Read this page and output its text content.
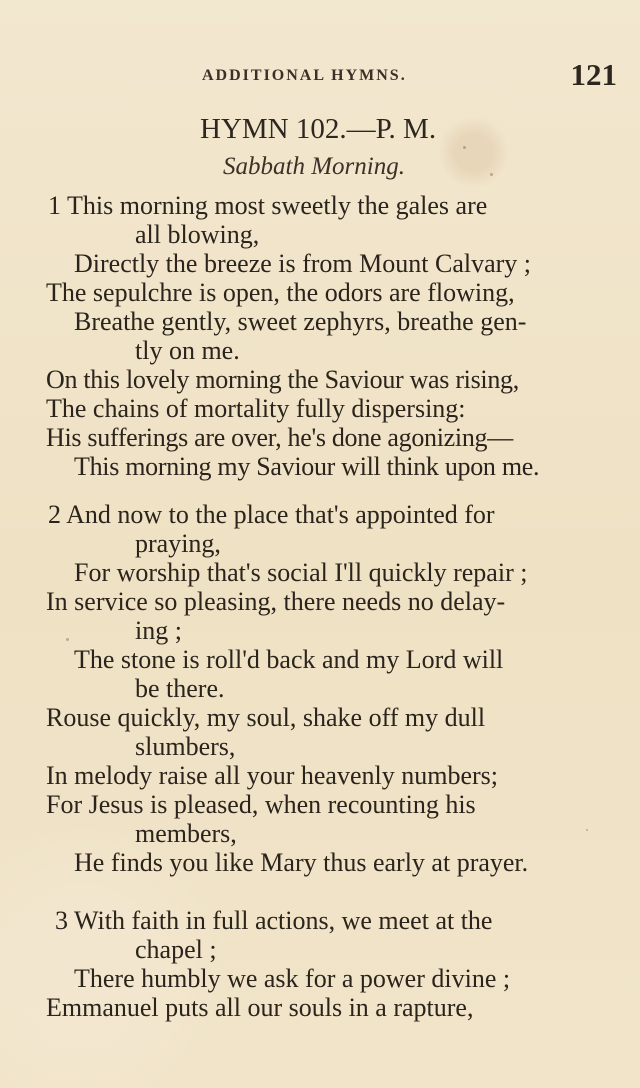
ADDITIONAL HYMNS.	121
HYMN 102.—P. M.
Sabbath Morning.
1 This morning most sweetly the gales are
all blowing,
Directly the breeze is from Mount Calvary ;
The sepulchre is open, the odors are flowing,
Breathe gently, sweet zephyrs, breathe gen-
tly on me.
On this lovely morning the Saviour was rising,
The chains of mortality fully dispersing:
His sufferings are over, he's done agonizing—
This morning my Saviour will think upon me.
2 And now to the place that's appointed for
praying,
For worship that's social I'll quickly repair ;
In service so pleasing, there needs no delay-
ing ;
The stone is roll'd back and my Lord will
be there.
Rouse quickly, my soul, shake off my dull
slumbers,
In melody raise all your heavenly numbers;
For Jesus is pleased, when recounting his
members,
He finds you like Mary thus early at prayer.
3 With faith in full actions, we meet at the
chapel ;
There humbly we ask for a power divine ;
Emmanuel puts all our souls in a rapture,
